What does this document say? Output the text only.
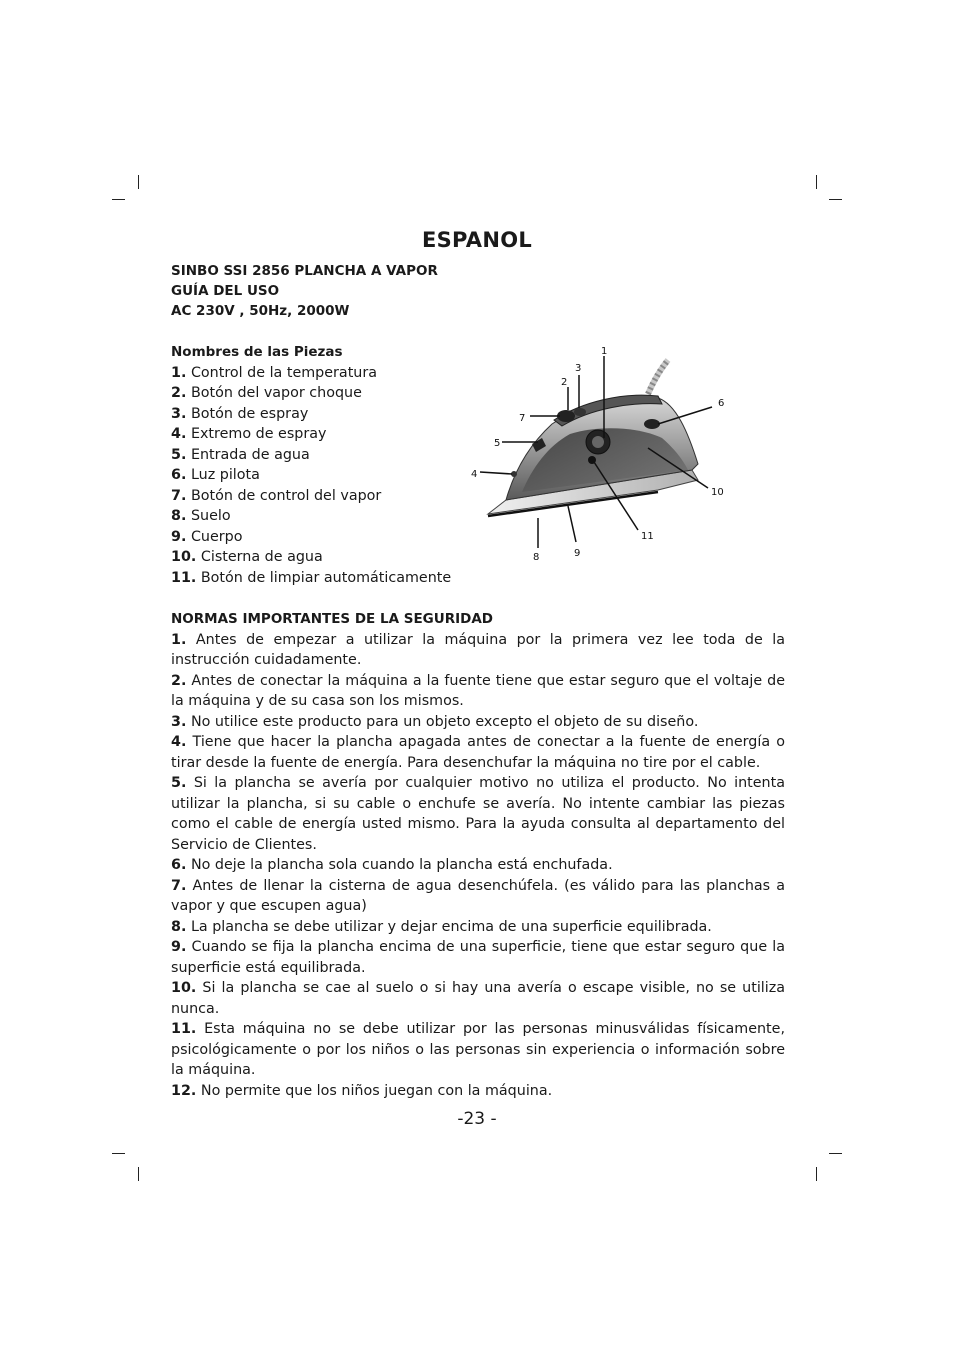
ESPANOL
SINBO SSI 2856 PLANCHA A VAPOR
GUÍA DEL USO
AC 230V , 50Hz, 2000W
Nombres de las Piezas
1. Control de la temperatura
2. Botón del vapor choque
3. Botón de espray
4. Extremo de espray
5. Entrada de agua
6. Luz pilota
7. Botón de control del vapor
8. Suelo
9. Cuerpo
10. Cisterna de agua
11. Botón de limpiar automáticamente
1
2
3
4
5
6
7
8	9
10
11
NORMAS IMPORTANTES DE LA SEGURIDAD
1. Antes de empezar a utilizar la máquina por la primera vez lee toda de la instrucción cuidadamente.
2. Antes de conectar la máquina a la fuente tiene que estar seguro que el voltaje de la máquina y de su casa son los mismos.
3. No utilice este producto para un objeto excepto el objeto de su diseño.
4. Tiene que hacer la plancha apagada antes de conectar a la fuente de energía o tirar desde la fuente de energía. Para desenchufar la máquina no tire por el cable.
5. Si la plancha se avería por cualquier motivo no utiliza el producto. No intenta utilizar la plancha, si su cable o enchufe se avería. No intente cambiar las piezas como el cable de energía usted mismo. Para la ayuda consulta al departamento del Servicio de Clientes.
6. No deje la plancha sola cuando la plancha está enchufada.
7. Antes de llenar la cisterna de agua desenchúfela. (es válido para las planchas a vapor y que escupen agua)
8. La plancha se debe utilizar y dejar encima de una superficie equilibrada.
9. Cuando se fija la plancha encima de una superficie, tiene que estar seguro que la superficie está equilibrada.
10. Si la plancha se cae al suelo o si hay una avería o escape visible, no se utiliza nunca.
11. Esta máquina no se debe utilizar por las personas minusválidas físicamente, psicológicamente o por los niños o las personas sin experiencia o información sobre la máquina.
12. No permite que los niños juegan con la máquina.
-23 -
